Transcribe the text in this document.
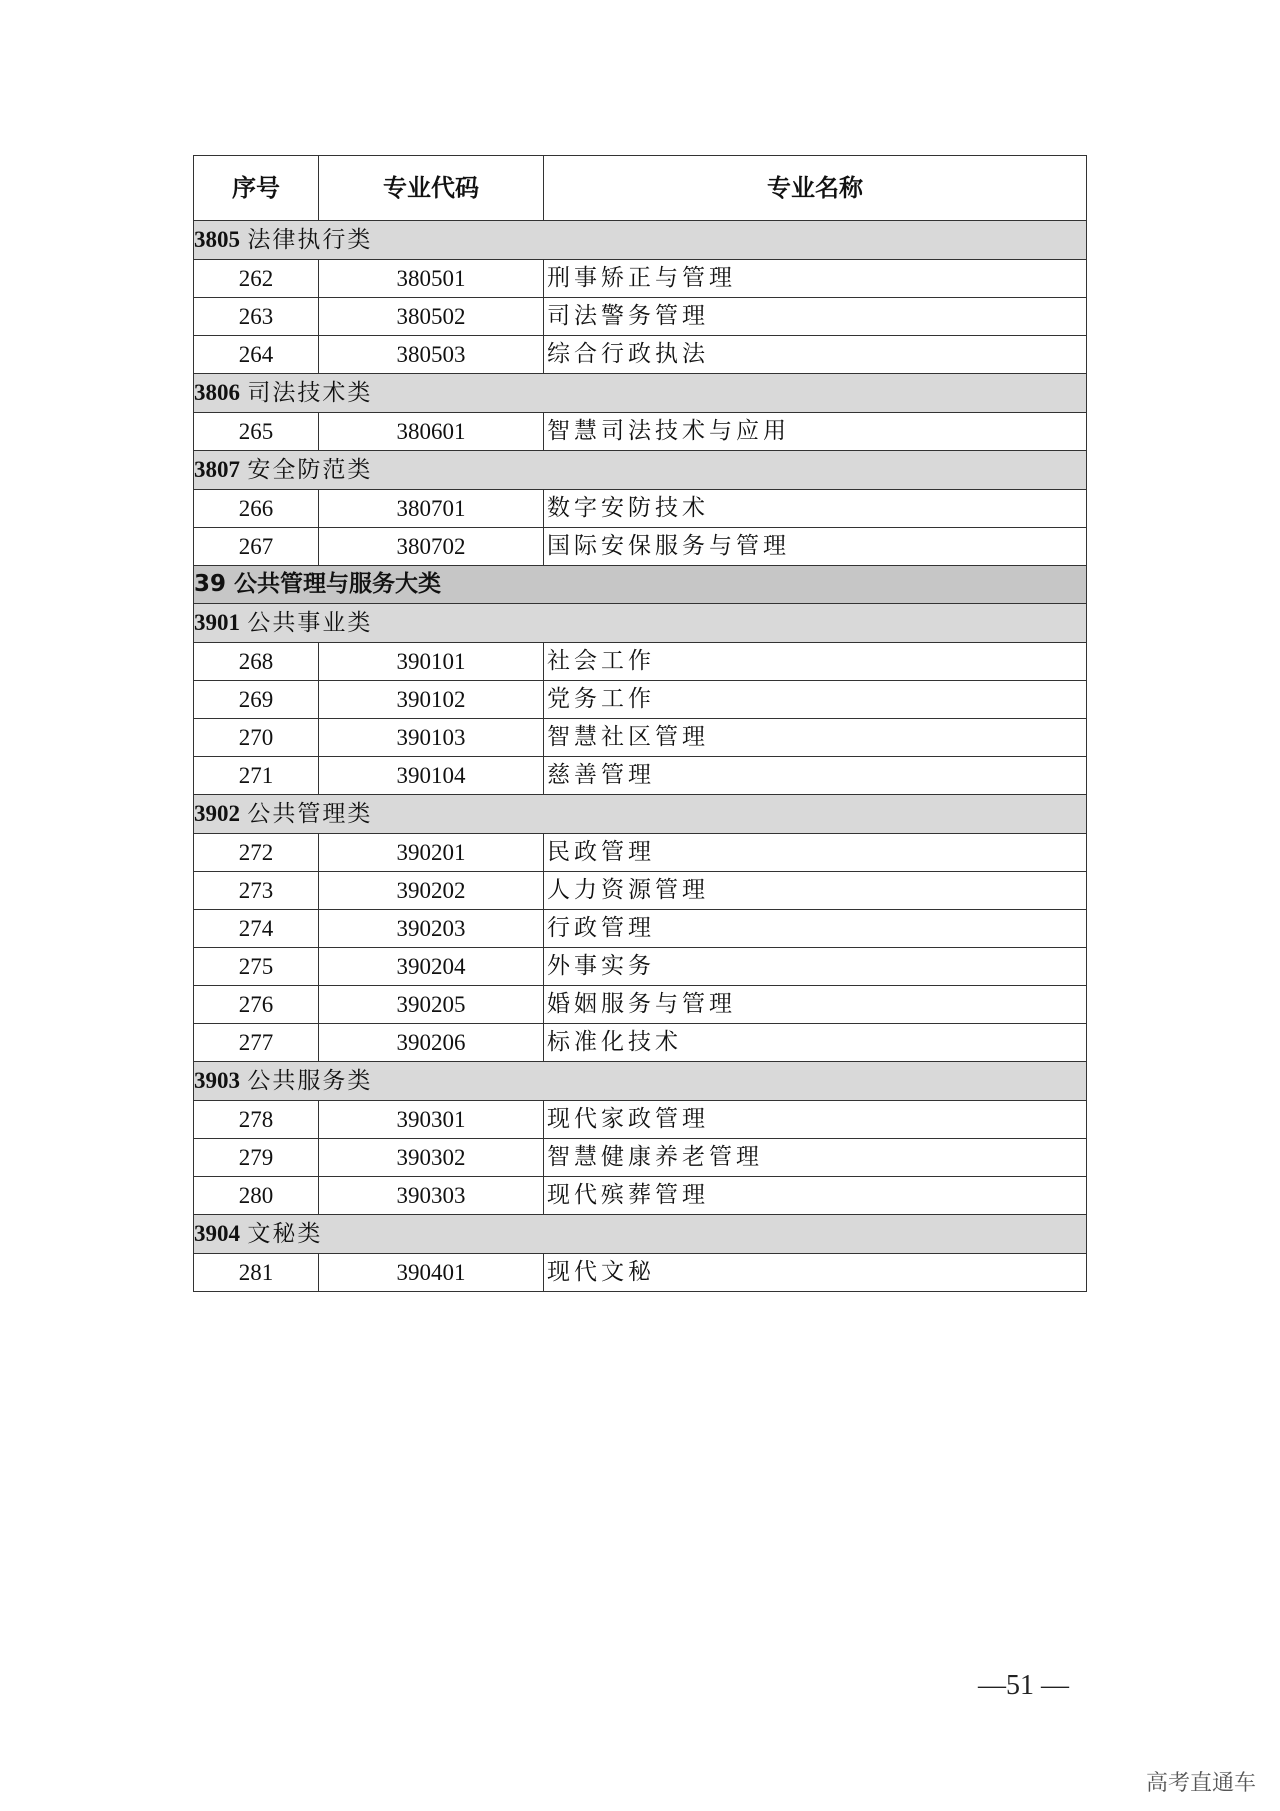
序号	专业代码	专业名称
3805 法律执行类		
262	380501	刑事矫正与管理
263	380502	司法警务管理
264	380503	综合行政执法
3806 司法技术类		
265	380601	智慧司法技术与应用
3807 安全防范类		
266	380701	数字安防技术
267	380702	国际安保服务与管理
39 公共管理与服务大类		
3901 公共事业类		
268	390101	社会工作
269	390102	党务工作
270	390103	智慧社区管理
271	390104	慈善管理
3902 公共管理类		
272	390201	民政管理
273	390202	人力资源管理
274	390203	行政管理
275	390204	外事实务
276	390205	婚姻服务与管理
277	390206	标准化技术
3903 公共服务类		
278	390301	现代家政管理
279	390302	智慧健康养老管理
280	390303	现代殡葬管理
3904 文秘类		
281	390401	现代文秘
—51 —
高考直通车
